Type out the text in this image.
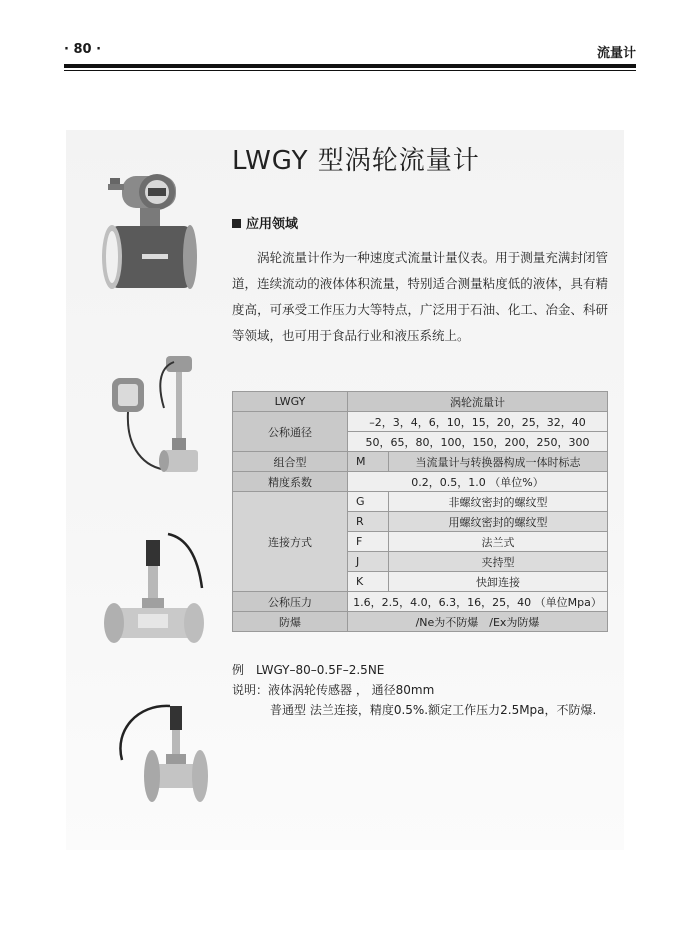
· 80 ·	流量计
LWGY 型涡轮流量计
应用领域
涡轮流量计作为一种速度式流量计量仪表。用于测量充满封闭管道，连续流动的液体体积流量，特别适合测量粘度低的液体，具有精度高，可承受工作压力大等特点，广泛用于石油、化工、冶金、科研等领域，也可用于食品行业和液压系统上。
LWGY	涡轮流量计	
公称通径	–2，3，4，6，10，15，20，25，32，40	
	50，65，80，100，150，200，250，300	
组合型	M	当流量计与转换器构成一体时标志
精度系数	0.2，0.5，1.0 （单位%）	
连接方式	G	非螺纹密封的螺纹型
	R	用螺纹密封的螺纹型
	F	法兰式
	J	夹持型
	K	快卸连接
公称压力	1.6，2.5，4.0，6.3，16，25，40 （单位Mpa）	
防爆	/Ne为不防爆　/Ex为防爆	
例　LWGY–80–0.5F–2.5NE
说明：液体涡轮传感器 ， 通径80mm
普通型 法兰连接，精度0.5%.额定工作压力2.5Mpa，不防爆.
